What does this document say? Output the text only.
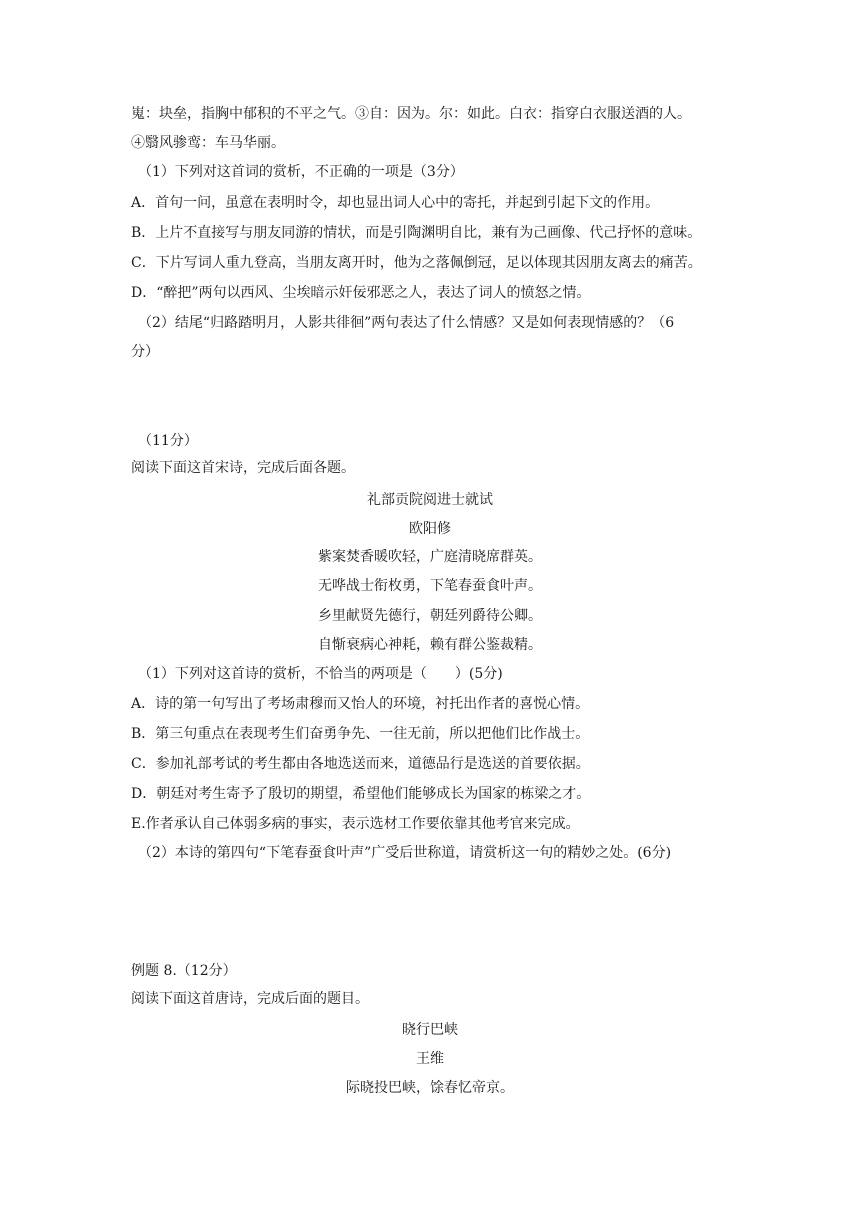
嵬：块垒，指胸中郁积的不平之气。③自：因为。尔：如此。白衣：指穿白衣服送酒的人。
④翳风骖鸾：车马华丽。
（1）下列对这首词的赏析，不正确的一项是（3分）
A．首句一问，虽意在表明时令，却也显出词人心中的寄托，并起到引起下文的作用。
B．上片不直接写与朋友同游的情状，而是引陶渊明自比，兼有为己画像、代己抒怀的意味。
C．下片写词人重九登高，当朋友离开时，他为之落佩倒冠，足以体现其因朋友离去的痛苦。
D．“醉把”两句以西风、尘埃暗示奸佞邪恶之人，表达了词人的愤怒之情。
（2）结尾“归路踏明月，人影共徘徊”两句表达了什么情感？又是如何表现情感的？（6
分）
（11分）
阅读下面这首宋诗，完成后面各题。
礼部贡院阅进士就试
欧阳修
紫案焚香暖吹轻，广庭清晓席群英。
无哗战士衔枚勇，下笔春蚕食叶声。
乡里献贤先德行，朝廷列爵待公卿。
自惭衰病心神耗，赖有群公鉴裁精。
（1）下列对这首诗的赏析，不恰当的两项是（　　）(5分)
A．诗的第一句写出了考场肃穆而又怡人的环境，衬托出作者的喜悦心情。
B．第三句重点在表现考生们奋勇争先、一往无前，所以把他们比作战士。
C．参加礼部考试的考生都由各地选送而来，道德品行是选送的首要依据。
D．朝廷对考生寄予了殷切的期望，希望他们能够成长为国家的栋梁之才。
E.作者承认自己体弱多病的事实，表示选材工作要依靠其他考官来完成。
（2）本诗的第四句“下笔春蚕食叶声”广受后世称道，请赏析这一句的精妙之处。(6分)
例题 8.（12分）
阅读下面这首唐诗，完成后面的题目。
晓行巴峡
王维
际晓投巴峡，馀春忆帝京。
